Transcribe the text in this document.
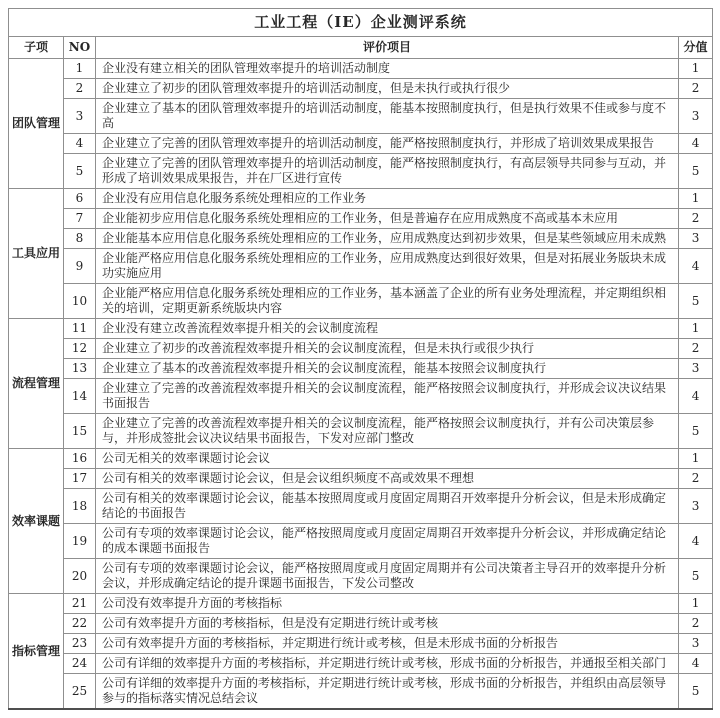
工业工程（IE）企业测评系统			
子项	NO	评价项目	分值
团队管理	1	企业没有建立相关的团队管理效率提升的培训活动制度	1
	2	企业建立了初步的团队管理效率提升的培训活动制度，但是未执行或执行很少	2
	3	企业建立了基本的团队管理效率提升的培训活动制度，能基本按照制度执行，但是执行效果不佳或参与度不高	3
	4	企业建立了完善的团队管理效率提升的培训活动制度，能严格按照制度执行，并形成了培训效果成果报告	4
	5	企业建立了完善的团队管理效率提升的培训活动制度，能严格按照制度执行，有高层领导共同参与互动，并形成了培训效果成果报告，并在厂区进行宣传	5
工具应用	6	企业没有应用信息化服务系统处理相应的工作业务	1
	7	企业能初步应用信息化服务系统处理相应的工作业务，但是普遍存在应用成熟度不高或基本未应用	2
	8	企业能基本应用信息化服务系统处理相应的工作业务，应用成熟度达到初步效果，但是某些领域应用未成熟	3
	9	企业能严格应用信息化服务系统处理相应的工作业务，应用成熟度达到很好效果，但是对拓展业务版块未成功实施应用	4
	10	企业能严格应用信息化服务系统处理相应的工作业务，基本涵盖了企业的所有业务处理流程，并定期组织相关的培训，定期更新系统版块内容	5
流程管理	11	企业没有建立改善流程效率提升相关的会议制度流程	1
	12	企业建立了初步的改善流程效率提升相关的会议制度流程，但是未执行或很少执行	2
	13	企业建立了基本的改善流程效率提升相关的会议制度流程，能基本按照会议制度执行	3
	14	企业建立了完善的改善流程效率提升相关的会议制度流程，能严格按照会议制度执行，并形成会议决议结果书面报告	4
	15	企业建立了完善的改善流程效率提升相关的会议制度流程，能严格按照会议制度执行，并有公司决策层参与，并形成签批会议决议结果书面报告，下发对应部门整改	5
效率课题	16	公司无相关的效率课题讨论会议	1
	17	公司有相关的效率课题讨论会议，但是会议组织频度不高或效果不理想	2
	18	公司有相关的效率课题讨论会议，能基本按照周度或月度固定周期召开效率提升分析会议，但是未形成确定结论的书面报告	3
	19	公司有专项的效率课题讨论会议，能严格按照周度或月度固定周期召开效率提升分析会议，并形成确定结论的成本课题书面报告	4
	20	公司有专项的效率课题讨论会议，能严格按照周度或月度固定周期并有公司决策者主导召开的效率提升分析会议，并形成确定结论的提升课题书面报告，下发公司整改	5
指标管理	21	公司没有效率提升方面的考核指标	1
	22	公司有效率提升方面的考核指标，但是没有定期进行统计或考核	2
	23	公司有效率提升方面的考核指标，并定期进行统计或考核，但是未形成书面的分析报告	3
	24	公司有详细的效率提升方面的考核指标，并定期进行统计或考核，形成书面的分析报告，并通报至相关部门	4
	25	公司有详细的效率提升方面的考核指标，并定期进行统计或考核，形成书面的分析报告，并组织由高层领导参与的指标落实情况总结会议	5
